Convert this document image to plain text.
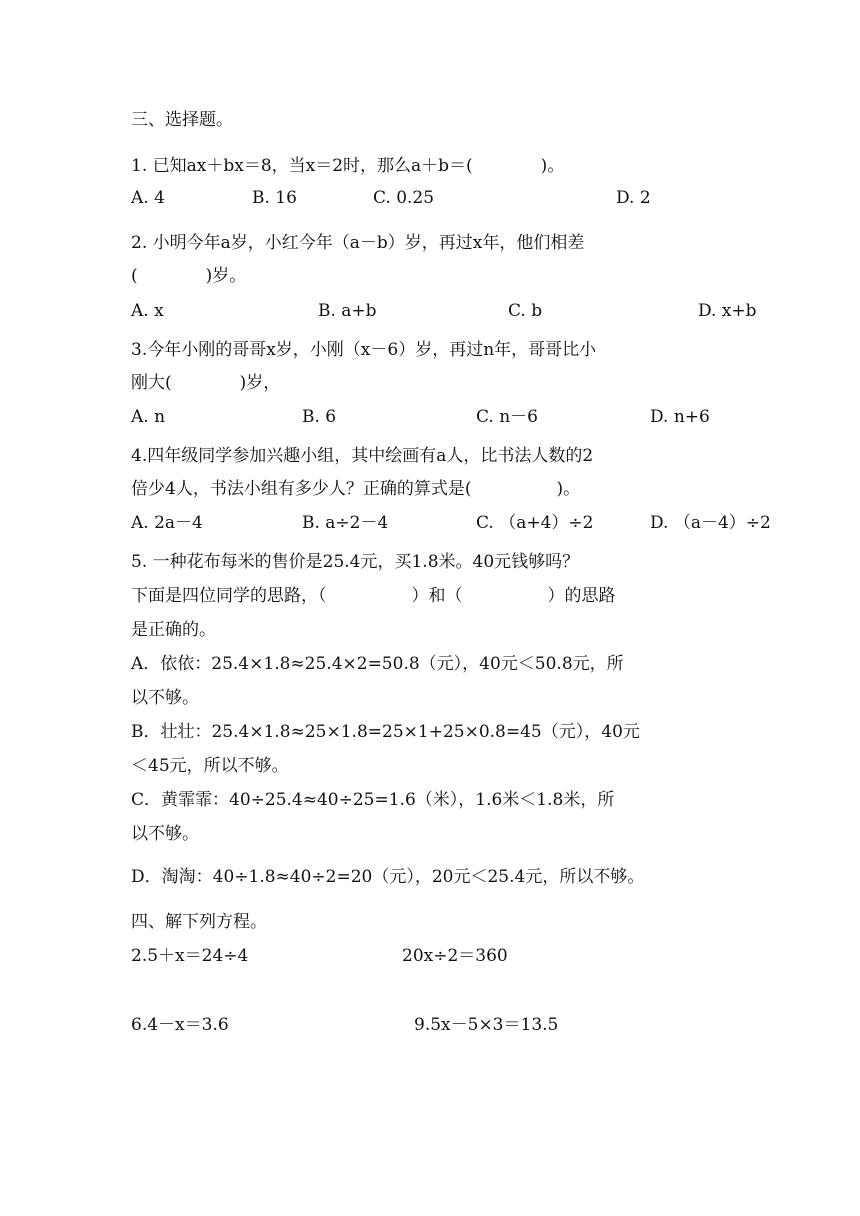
三、选择题。
1. 已知ax＋bx＝8，当x＝2时，那么a＋b＝(　　　　)。
A. 4	B. 16	C. 0.25	D. 2
2. 小明今年a岁，小红今年（a－b）岁，再过x年，他们相差
(　　　　)岁。
A. x	B. a+b	C. b	D. x+b
3.今年小刚的哥哥x岁，小刚（x－6）岁，再过n年，哥哥比小
刚大(　　　　)岁，
A. n	B. 6	C. n－6	D. n+6
4.四年级同学参加兴趣小组，其中绘画有a人，比书法人数的2
倍少4人，书法小组有多少人？正确的算式是(　　　　　)。
A. 2a－4	B. a÷2－4	C. （a+4）÷2	D. （a－4）÷2
5. 一种花布每米的售价是25.4元，买1.8米。40元钱够吗？
下面是四位同学的思路，（　　　　　）和（　　　　　）的思路
是正确的。
A．依依：25.4×1.8≈25.4×2=50.8（元），40元＜50.8元，所
以不够。
B．壮壮：25.4×1.8≈25×1.8=25×1+25×0.8=45（元），40元
＜45元，所以不够。
C．黄霏霏：40÷25.4≈40÷25=1.6（米），1.6米＜1.8米，所
以不够。
D．淘淘：40÷1.8≈40÷2=20（元），20元＜25.4元，所以不够。
四、解下列方程。
2.5＋x＝24÷4	20x÷2＝360
6.4－x＝3.6	9.5x－5×3＝13.5
